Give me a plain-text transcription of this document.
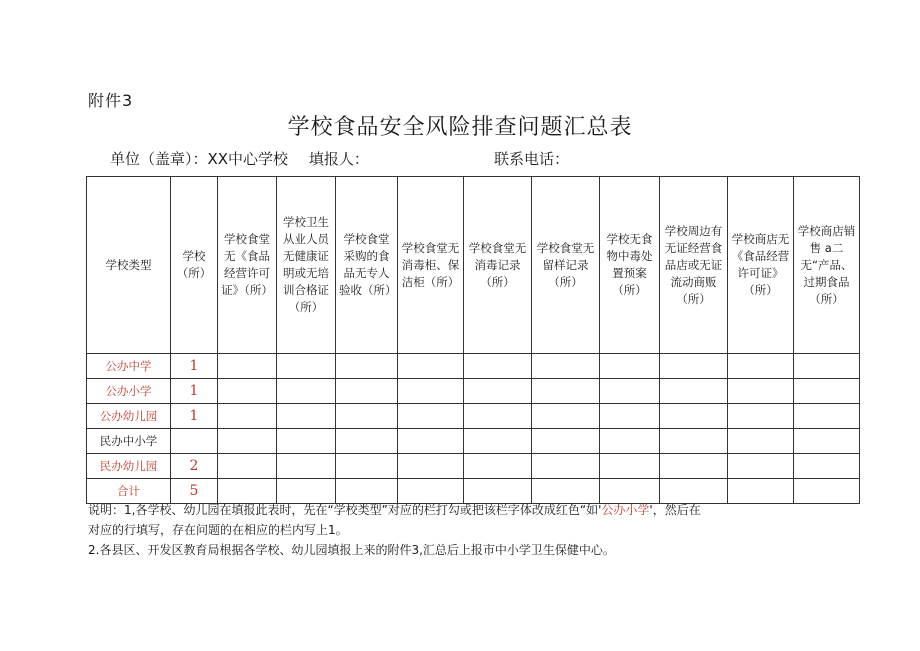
附件3
学校食品安全风险排查问题汇总表
单位（盖章）：XX中心学校 填报人：	联系电话：
学校类型	学校（所）	学校食堂无《食品经营许可证》（所）	学校卫生从业人员无健康证明或无培训合格证（所）	学校食堂采购的食品无专人验收（所）	学校食堂无消毒柜、保洁柜（所）	学校食堂无消毒记录（所）	学校食堂无留样记录（所）	学校无食物中毒处置预案（所）	学校周边有无证经营食品店或无证流动商贩（所）	学校商店无《食品经营许可证》（所）	学校商店销售 a二 无“产品、过期食品（所）

公办中学	1										
公办小学	1										
公办幼儿园	1										
民办中小学											
民办幼儿园	2										
合计	5										

说明：1,各学校、幼儿园在填报此表时，先在“学校类型”对应的栏打勾或把该栏字体改成红色“如'公办小学'，然后在

对应的行填写，存在问题的在相应的栏内写上1。

2.各县区、开发区教育局根据各学校、幼儿园填报上来的附件3,汇总后上报市中小学卫生保健中心。
